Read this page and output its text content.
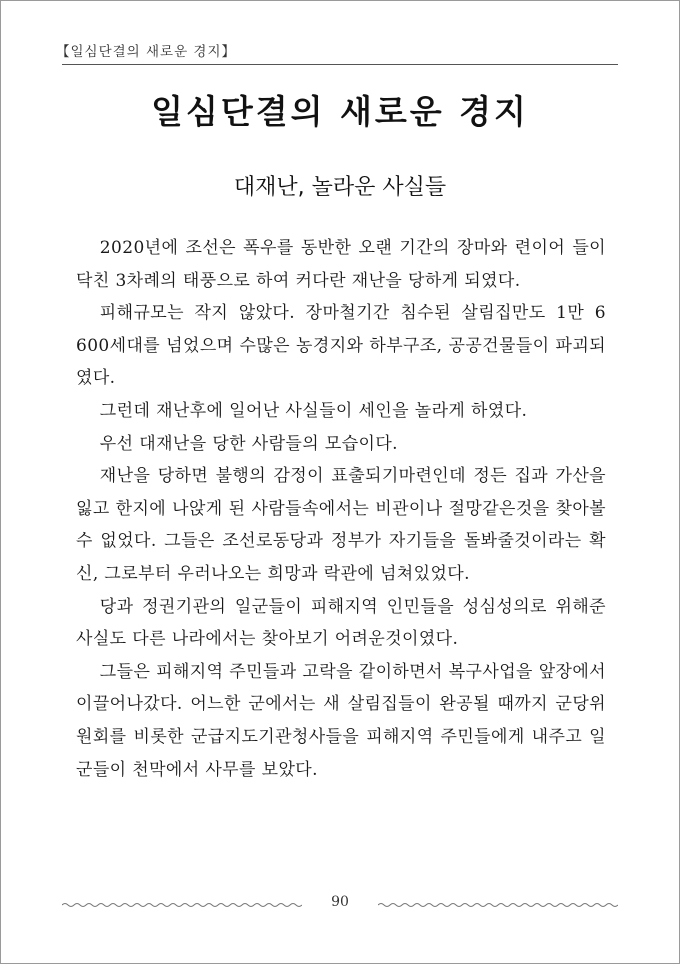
【일심단결의 새로운 경지】
일심단결의 새로운 경지
대재난, 놀라운 사실들

2020년에 조선은 폭우를 동반한 오랜 기간의 장마와 련이어 들이닥친 3차례의 태풍으로 하여 커다란 재난을 당하게 되였다.

피해규모는 작지 않았다. 장마철기간 침수된 살림집만도 1만 6 600세대를 넘었으며 수많은 농경지와 하부구조, 공공건물들이 파괴되였다.

그런데 재난후에 일어난 사실들이 세인을 놀라게 하였다.

우선 대재난을 당한 사람들의 모습이다.

재난을 당하면 불행의 감정이 표출되기마련인데 정든 집과 가산을 잃고 한지에 나앉게 된 사람들속에서는 비관이나 절망같은것을 찾아볼수 없었다. 그들은 조선로동당과 정부가 자기들을 돌봐줄것이라는 확신, 그로부터 우러나오는 희망과 락관에 넘쳐있었다.

당과 정권기관의 일군들이 피해지역 인민들을 성심성의로 위해준 사실도 다른 나라에서는 찾아보기 어려운것이였다.

그들은 피해지역 주민들과 고락을 같이하면서 복구사업을 앞장에서 이끌어나갔다. 어느한 군에서는 새 살림집들이 완공될 때까지 군당위원회를 비롯한 군급지도기관청사들을 피해지역 주민들에게 내주고 일군들이 천막에서 사무를 보았다.

90
